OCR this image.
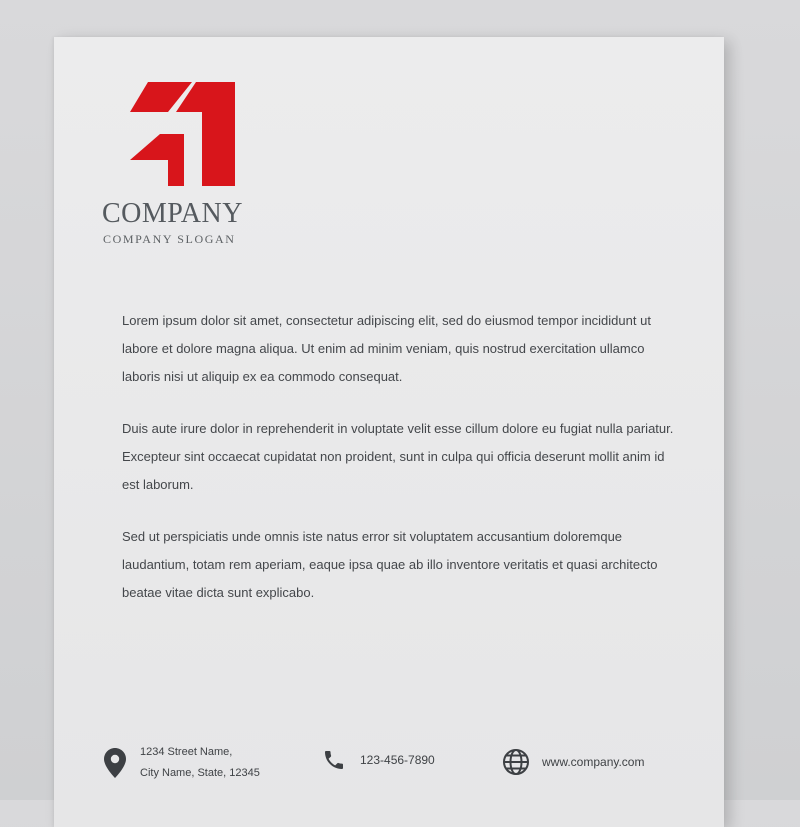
COMPANY
COMPANY SLOGAN

Lorem ipsum dolor sit amet, consectetur adipiscing elit, sed do eiusmod tempor incididunt ut labore et dolore magna aliqua. Ut enim ad minim veniam, quis nostrud exercitation ullamco laboris nisi ut aliquip ex ea commodo consequat.

Duis aute irure dolor in reprehenderit in voluptate velit esse cillum dolore eu fugiat nulla pariatur. Excepteur sint occaecat cupidatat non proident, sunt in culpa qui officia deserunt mollit anim id est laborum.

Sed ut perspiciatis unde omnis iste natus error sit voluptatem accusantium doloremque laudantium, totam rem aperiam, eaque ipsa quae ab illo inventore veritatis et quasi architecto beatae vitae dicta sunt explicabo.

1234 Street Name,
City Name, State, 12345
123-456-7890	www.company.com
